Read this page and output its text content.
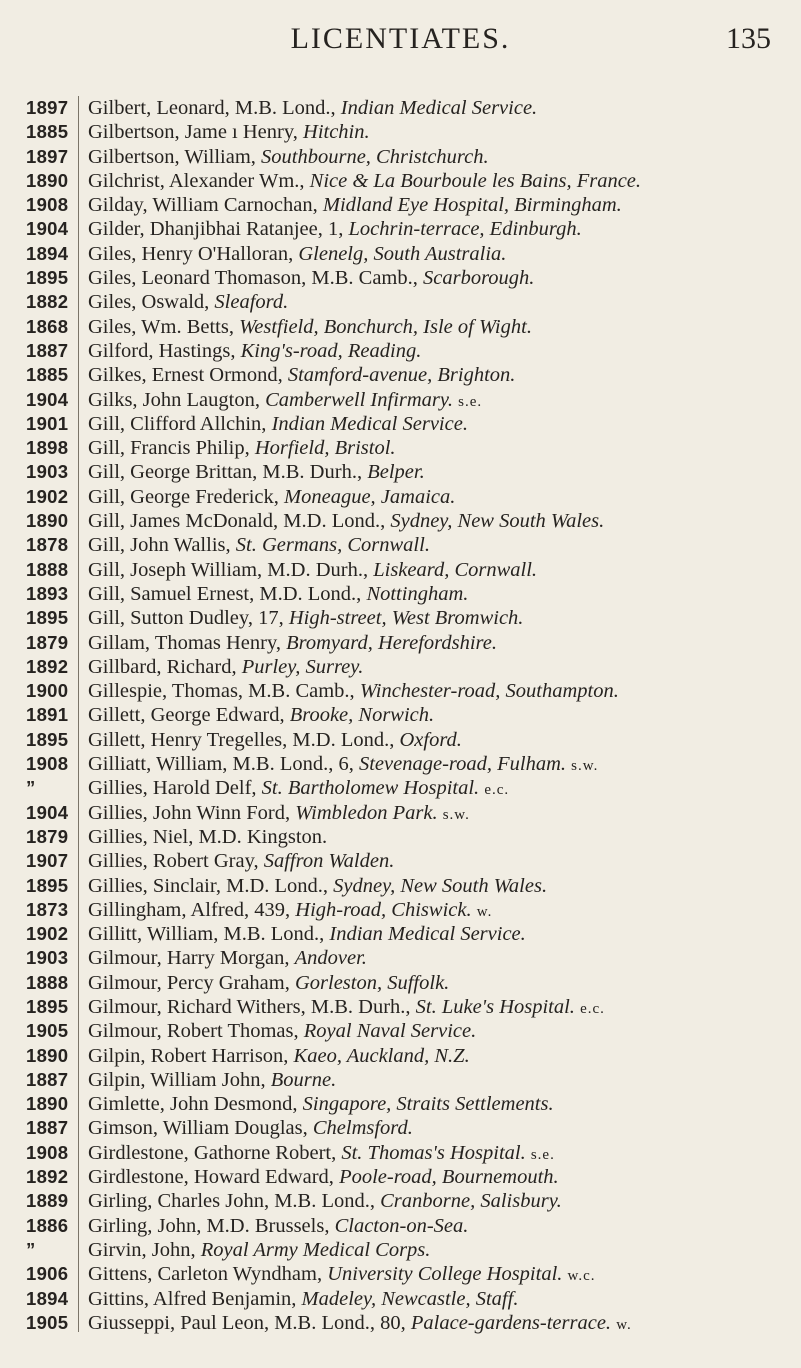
LICENTIATES.	135
1897 Gilbert, Leonard, M.B. Lond., Indian Medical Service.
1885 Gilbertson, Jame ı Henry, Hitchin.
1897 Gilbertson, William, Southbourne, Christchurch.
1890 Gilchrist, Alexander Wm., Nice & La Bourboule les Bains, France.
1908 Gilday, William Carnochan, Midland Eye Hospital, Birmingham.
1904 Gilder, Dhanjibhai Ratanjee, 1, Lochrin-terrace, Edinburgh.
1894 Giles, Henry O'Halloran, Glenelg, South Australia.
1895 Giles, Leonard Thomason, M.B. Camb., Scarborough.
1882 Giles, Oswald, Sleaford.
1868 Giles, Wm. Betts, Westfield, Bonchurch, Isle of Wight.
1887 Gilford, Hastings, King's-road, Reading.
1885 Gilkes, Ernest Ormond, Stamford-avenue, Brighton.
1904 Gilks, John Laugton, Camberwell Infirmary. s.e.
1901 Gill, Clifford Allchin, Indian Medical Service.
1898 Gill, Francis Philip, Horfield, Bristol.
1903 Gill, George Brittan, M.B. Durh., Belper.
1902 Gill, George Frederick, Moneague, Jamaica.
1890 Gill, James McDonald, M.D. Lond., Sydney, New South Wales.
1878 Gill, John Wallis, St. Germans, Cornwall.
1888 Gill, Joseph William, M.D. Durh., Liskeard, Cornwall.
1893 Gill, Samuel Ernest, M.D. Lond., Nottingham.
1895 Gill, Sutton Dudley, 17, High-street, West Bromwich.
1879 Gillam, Thomas Henry, Bromyard, Herefordshire.
1892 Gillbard, Richard, Purley, Surrey.
1900 Gillespie, Thomas, M.B. Camb., Winchester-road, Southampton.
1891 Gillett, George Edward, Brooke, Norwich.
1895 Gillett, Henry Tregelles, M.D. Lond., Oxford.
1908 Gilliatt, William, M.B. Lond., 6, Stevenage-road, Fulham. s.w.
”	Gillies, Harold Delf, St. Bartholomew Hospital. e.c.
1904 Gillies, John Winn Ford, Wimbledon Park. s.w.
1879 Gillies, Niel, M.D. Kingston.
1907 Gillies, Robert Gray, Saffron Walden.
1895 Gillies, Sinclair, M.D. Lond., Sydney, New South Wales.
1873 Gillingham, Alfred, 439, High-road, Chiswick. w.
1902 Gillitt, William, M.B. Lond., Indian Medical Service.
1903 Gilmour, Harry Morgan, Andover.
1888 Gilmour, Percy Graham, Gorleston, Suffolk.
1895 Gilmour, Richard Withers, M.B. Durh., St. Luke's Hospital. e.c.
1905 Gilmour, Robert Thomas, Royal Naval Service.
1890 Gilpin, Robert Harrison, Kaeo, Auckland, N.Z.
1887 Gilpin, William John, Bourne.
1890 Gimlette, John Desmond, Singapore, Straits Settlements.
1887 Gimson, William Douglas, Chelmsford.
1908 Girdlestone, Gathorne Robert, St. Thomas's Hospital. s.e.
1892 Girdlestone, Howard Edward, Poole-road, Bournemouth.
1889 Girling, Charles John, M.B. Lond., Cranborne, Salisbury.
1886 Girling, John, M.D. Brussels, Clacton-on-Sea.
”	Girvin, John, Royal Army Medical Corps.
1906 Gittens, Carleton Wyndham, University College Hospital. w.c.
1894 Gittins, Alfred Benjamin, Madeley, Newcastle, Staff.
1905 Giusseppi, Paul Leon, M.B. Lond., 80, Palace-gardens-terrace. w.
